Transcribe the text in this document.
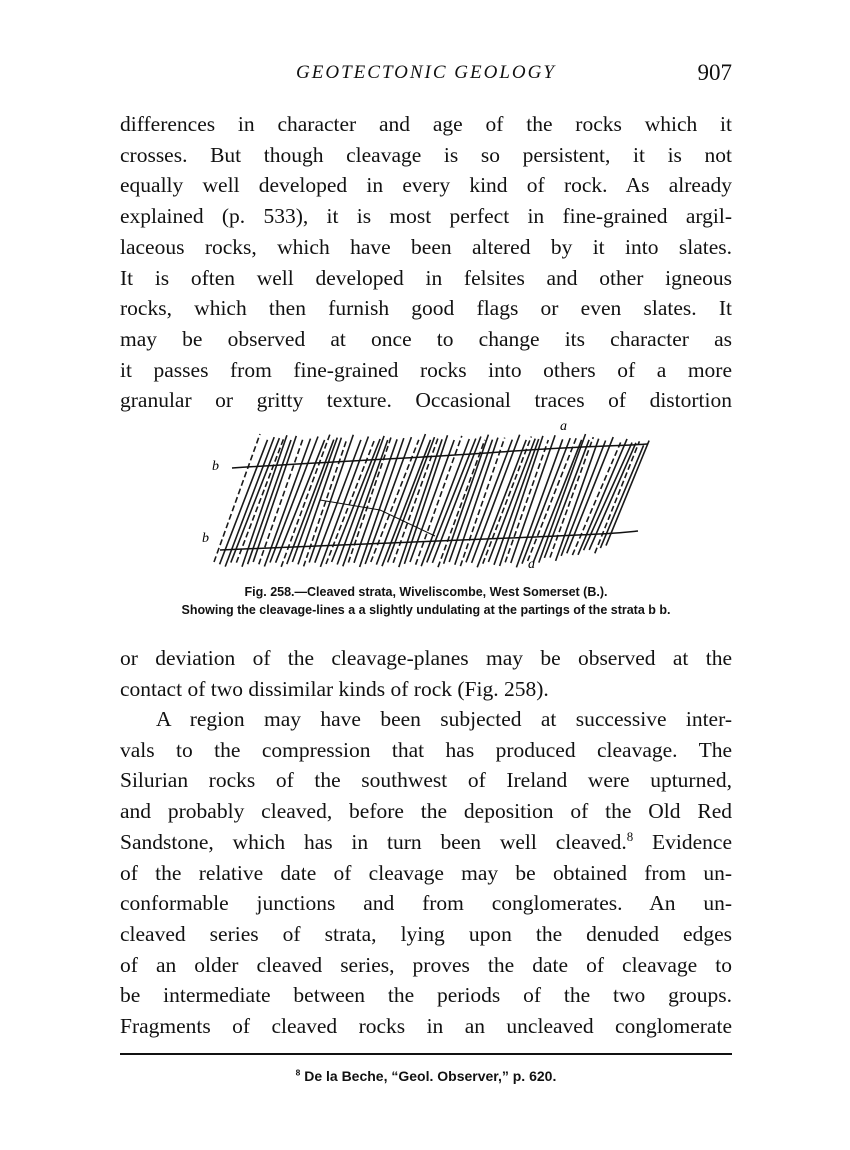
GEOTECTONIC GEOLOGY	907
differences in character and age of the rocks which it
crosses. But though cleavage is so persistent, it is not
equally well developed in every kind of rock. As already
explained (p. 533), it is most perfect in fine-grained argil-
laceous rocks, which have been altered by it into slates.
It is often well developed in felsites and other igneous
rocks, which then furnish good flags or even slates. It
may be observed at once to change its character as
it passes from fine-grained rocks into others of a more
granular or gritty texture. Occasional traces of distortion
a
a
b
b
Fig. 258.—Cleaved strata, Wiveliscombe, West Somerset (B.).
Showing the cleavage-lines a a slightly undulating at the partings of the strata b b.
or deviation of the cleavage-planes may be observed at the
contact of two dissimilar kinds of rock (Fig. 258).
A region may have been subjected at successive inter-
vals to the compression that has produced cleavage. The
Silurian rocks of the southwest of Ireland were upturned,
and probably cleaved, before the deposition of the Old Red
Sandstone, which has in turn been well cleaved.$^8$ Evidence
of the relative date of cleavage may be obtained from un-
conformable junctions and from conglomerates. An un-
cleaved series of strata, lying upon the denuded edges
of an older cleaved series, proves the date of cleavage to
be intermediate between the periods of the two groups.
Fragments of cleaved rocks in an uncleaved conglomerate
$^8$ De la Beche, “Geol. Observer,” p. 620.
